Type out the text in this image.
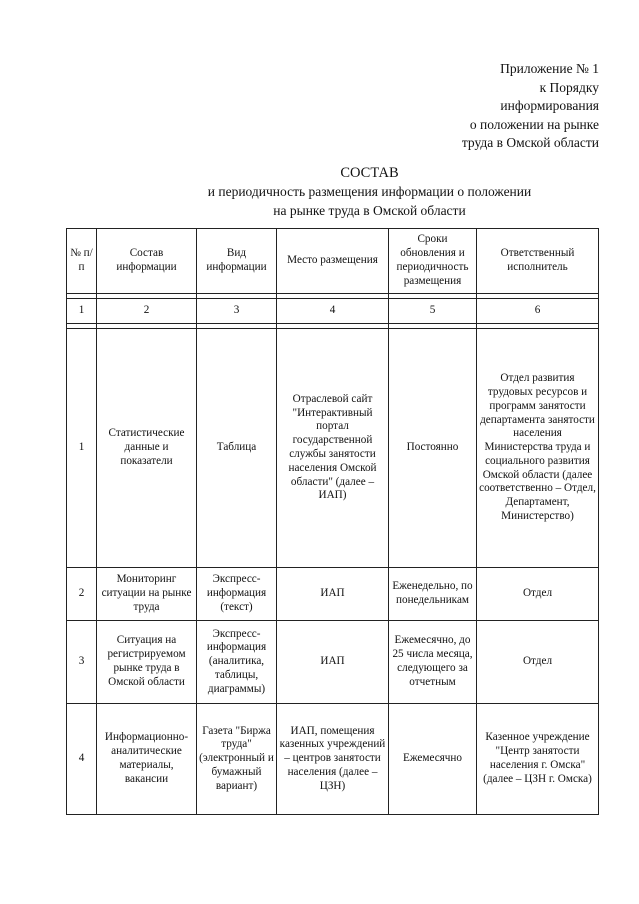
Приложение № 1
к Порядку
информирования
о положении на рынке
труда в Омской области
СОСТАВ
и периодичность размещения информации о положении
на рынке труда в Омской области
№ п/п	Состав информации	Вид информации	Место размещения	Сроки обновления и периодичность размещения	Ответственный исполнитель

1	2	3	4	5	6

1	Статистические данные и показатели	Таблица	Отраслевой сайт "Интерактивный портал государственной службы занятости населения Омской области" (далее – ИАП)	Постоянно	Отдел развития трудовых ресурсов и программ занятости департамента занятости населения Министерства труда и социального развития Омской области (далее соответственно – Отдел, Департамент, Министерство)
2	Мониторинг ситуации на рынке труда	Экспресс-информация (текст)	ИАП	Еженедельно, по понедельникам	Отдел
3	Ситуация на регистрируемом рынке труда в Омской области	Экспресс-информация (аналитика, таблицы, диаграммы)	ИАП	Ежемесячно, до 25 числа месяца, следующего за отчетным	Отдел
4	Информационно-аналитические материалы, вакансии	Газета "Биржа труда" (электронный и бумажный вариант)	ИАП, помещения казенных учреждений – центров занятости населения (далее – ЦЗН)	Ежемесячно	Казенное учреждение "Центр занятости населения г. Омска" (далее – ЦЗН г. Омска)
